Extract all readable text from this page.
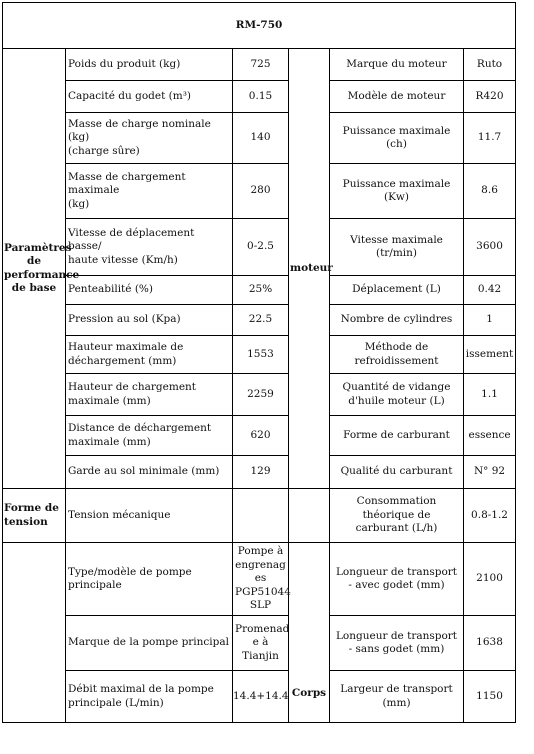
RM-750					
Paramètres de performance de base	Poids du produit (kg)	725	moteur	Marque du moteur	Ruto
	Capacité du godet (m³)	0.15		Modèle de moteur	R420
	Masse de charge nominale
(kg)
(charge sûre)	140		Puissance maximale
(ch)	11.7
	Masse de chargement
maximale
(kg)	280		Puissance maximale
(Kw)	8.6
	Vitesse de déplacement
basse/
haute vitesse (Km/h)	0-2.5		Vitesse maximale
(tr/min)	3600
	Penteabilité (%)	25%		Déplacement (L)	0.42
	Pression au sol (Kpa)	22.5		Nombre de cylindres	1
	Hauteur maximale de
déchargement (mm)	1553		Méthode de
refroidissement	issement
	Hauteur de chargement
maximale (mm)	2259		Quantité de vidange
d'huile moteur (L)	1.1
	Distance de déchargement
maximale (mm)	620		Forme de carburant	essence
	Garde au sol minimale (mm)	129		Qualité du carburant	N° 92
Forme de tension	Tension mécanique			Consommation
théorique de
carburant (L/h)	0.8-1.2
	Type/modèle de pompe
principale	Pompe à
engrenag
es
PGP51044
SLP	Corps	Longueur de transport
- avec godet (mm)	2100
	Marque de la pompe principal	Promenad
e à
Tianjin		Longueur de transport
- sans godet (mm)	1638
	Débit maximal de la pompe
principale (L/min)	14.4+14.4		Largeur de transport
(mm)	1150
